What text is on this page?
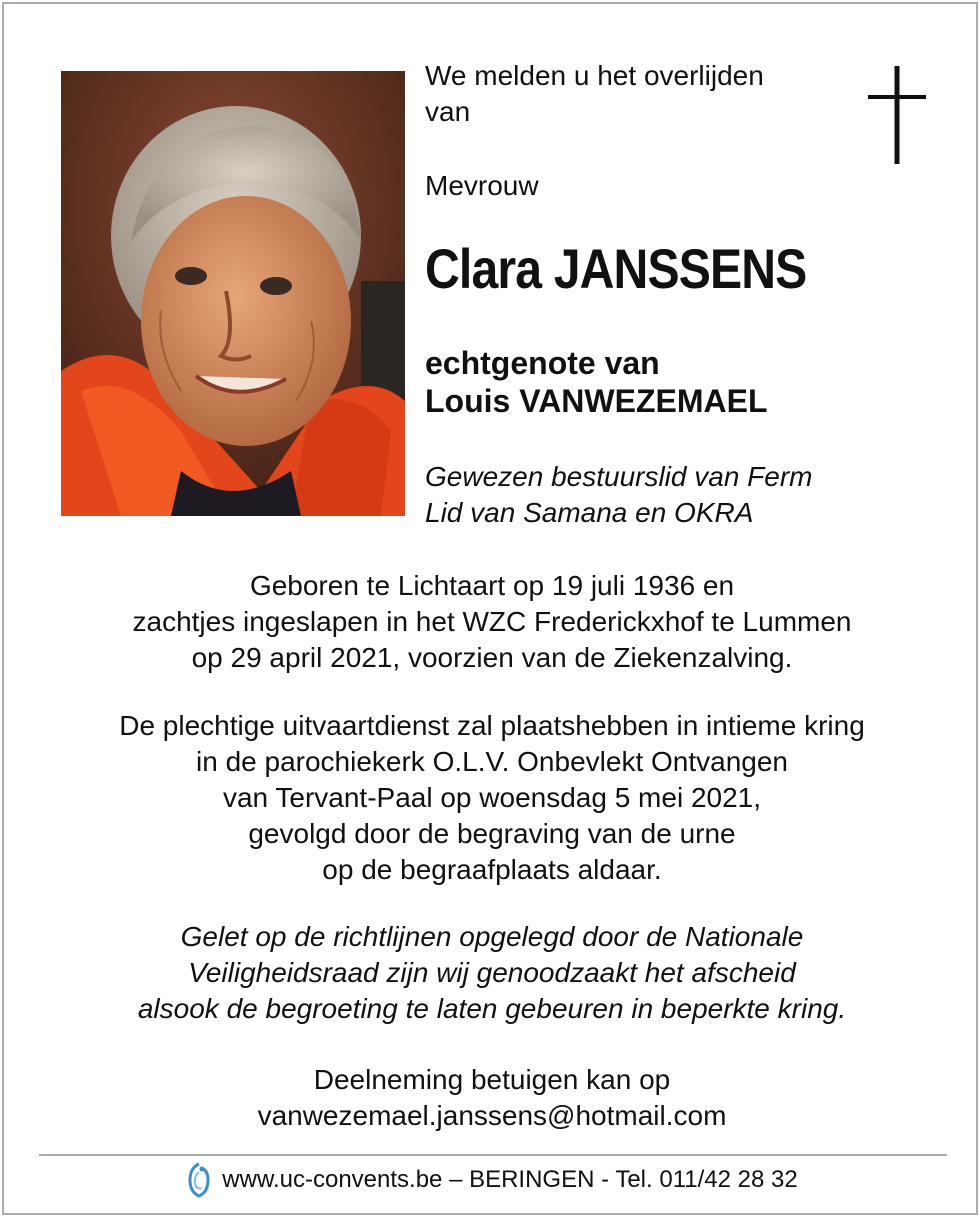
We melden u het overlijden
van
Mevrouw
Clara JANSSENS
echtgenote van
Louis VANWEZEMAEL
Gewezen bestuurslid van Ferm
Lid van Samana en OKRA
Geboren te Lichtaart op 19 juli 1936 en
zachtjes ingeslapen in het WZC Frederickxhof te Lummen
op 29 april 2021, voorzien van de Ziekenzalving.
De plechtige uitvaartdienst zal plaatshebben in intieme kring
in de parochiekerk O.L.V. Onbevlekt Ontvangen
van Tervant-Paal op woensdag 5 mei 2021,
gevolgd door de begraving van de urne
op de begraafplaats aldaar.
Gelet op de richtlijnen opgelegd door de Nationale
Veiligheidsraad zijn wij genoodzaakt het afscheid
alsook de begroeting te laten gebeuren in beperkte kring.
Deelneming betuigen kan op
vanwezemael.janssens@hotmail.com
www.uc-convents.be – BERINGEN - Tel. 011/42 28 32
